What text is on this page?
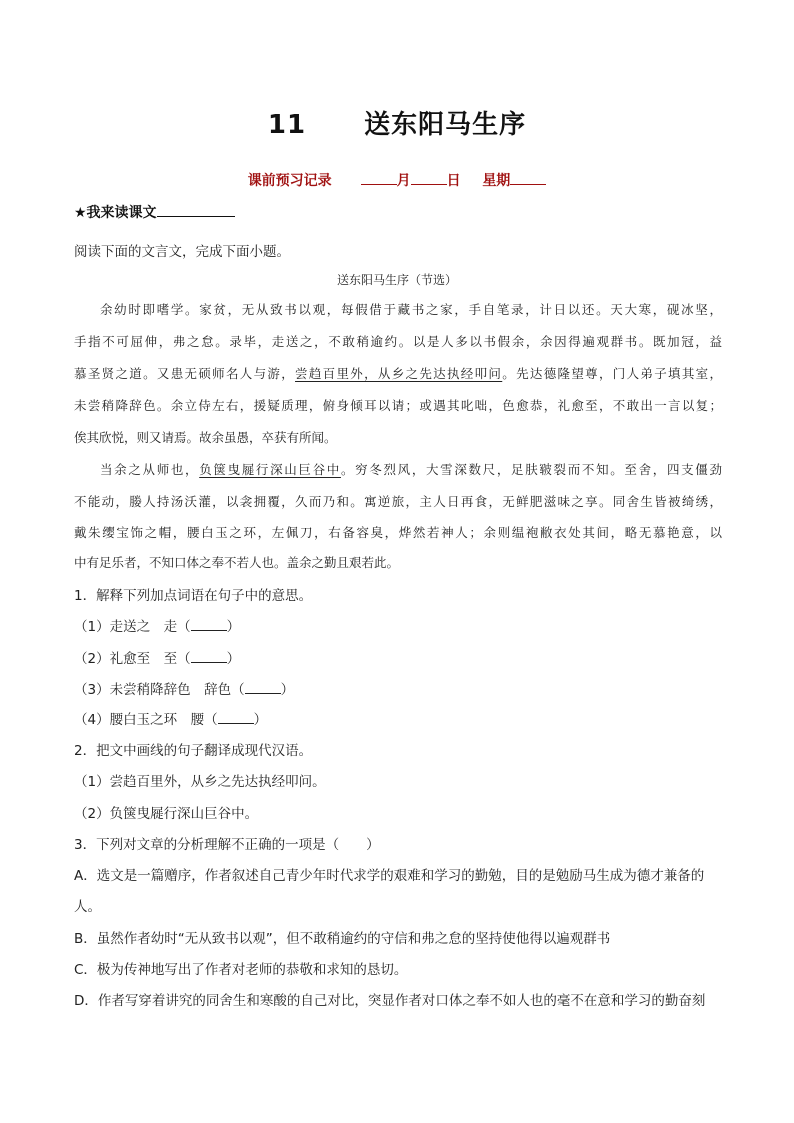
11 送东阳马生序
课前预习记录	月	日 星期
★我来读课文
阅读下面的文言文，完成下面小题。
送东阳马生序（节选）
余幼时即嗜学。家贫，无从致书以观，每假借于藏书之家，手自笔录，计日以还。天大寒，砚冰坚，
手指不可屈伸，弗之怠。录毕，走送之，不敢稍逾约。以是人多以书假余，余因得遍观群书。既加冠，益
慕圣贤之道。又患无硕师名人与游，尝趋百里外，从乡之先达执经叩问。先达德隆望尊，门人弟子填其室，
未尝稍降辞色。余立侍左右，援疑质理，俯身倾耳以请；或遇其叱咄，色愈恭，礼愈至，不敢出一言以复；
俟其欣悦，则又请焉。故余虽愚，卒获有所闻。
当余之从师也，负箧曳屣行深山巨谷中。穷冬烈风，大雪深数尺，足肤皲裂而不知。至舍，四支僵劲
不能动，媵人持汤沃灌，以衾拥覆，久而乃和。寓逆旅，主人日再食，无鲜肥滋味之享。同舍生皆被绮绣，
戴朱缨宝饰之帽，腰白玉之环，左佩刀，右备容臭，烨然若神人；余则缊袍敝衣处其间，略无慕艳意，以
中有足乐者，不知口体之奉不若人也。盖余之勤且艰若此。
1．解释下列加点词语在句子中的意思。
（1）走送之　走（	）
（2）礼愈至　至（	）
（3）未尝稍降辞色　辞色（	）
（4）腰白玉之环　腰（	）
2．把文中画线的句子翻译成现代汉语。
（1）尝趋百里外，从乡之先达执经叩问。
（2）负箧曳屣行深山巨谷中。
3．下列对文章的分析理解不正确的一项是（　　）
A．选文是一篇赠序，作者叙述自己青少年时代求学的艰难和学习的勤勉，目的是勉励马生成为德才兼备的
人。
B．虽然作者幼时“无从致书以观”，但不敢稍逾约的守信和弗之怠的坚持使他得以遍观群书
C．极为传神地写出了作者对老师的恭敬和求知的恳切。
D．作者写穿着讲究的同舍生和寒酸的自己对比，突显作者对口体之奉不如人也的毫不在意和学习的勤奋刻
